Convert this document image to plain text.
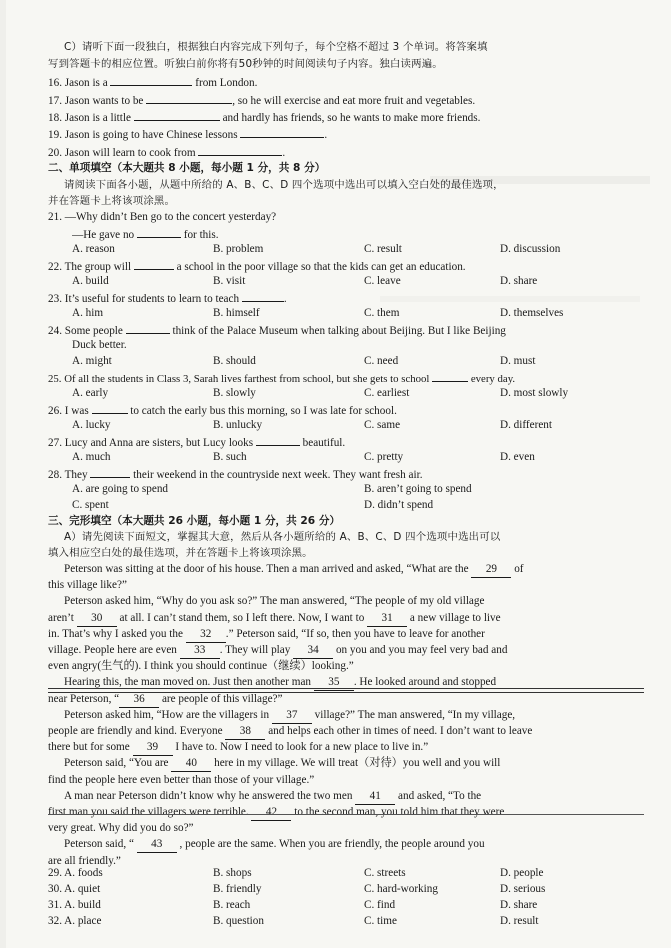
C）请听下面一段独白，根据独白内容完成下列句子，每个空格不超过 3 个单词。将答案填
写到答题卡的相应位置。听独白前你将有50秒钟的时间阅读句子内容。独白读两遍。
16. Jason is a	from London.
17. Jason wants to be	, so he will exercise and eat more fruit and vegetables.
18. Jason is a little	and hardly has friends, so he wants to make more friends.
19. Jason is going to have Chinese lessons	.
20. Jason will learn to cook from	.
二、单项填空（本大题共 8 小题，每小题 1 分，共 8 分）
请阅读下面各小题，从题中所给的 A、B、C、D 四个选项中选出可以填入空白处的最佳选项，
并在答题卡上将该项涂黑。
21. —Why didn’t Ben go to the concert yesterday?
—He gave no	for this.
A. reason	B. problem	C. result	D. discussion
22. The group will	a school in the poor village so that the kids can get an education.
A. build	B. visit	C. leave	D. share
23. It’s useful for students to learn to teach	.
A. him	B. himself	C. them	D. themselves
24. Some people	think of the Palace Museum when talking about Beijing. But I like Beijing
Duck better.
A. might	B. should	C. need	D. must
25. Of all the students in Class 3, Sarah lives farthest from school, but she gets to school	every day.
A. early	B. slowly	C. earliest	D. most slowly
26. I was	to catch the early bus this morning, so I was late for school.
A. lucky	B. unlucky	C. same	D. different
27. Lucy and Anna are sisters, but Lucy looks	beautiful.
A. much	B. such	C. pretty	D. even
28. They	their weekend in the countryside next week. They want fresh air.
A. are going to spend	B. aren’t going to spend
C. spent	D. didn’t spend
三、完形填空（本大题共 26 小题，每小题 1 分，共 26 分）
A）请先阅读下面短文，掌握其大意，然后从各小题所给的 A、B、C、D 四个选项中选出可以
填入相应空白处的最佳选项，并在答题卡上将该项涂黑。
Peterson was sitting at the door of his house. Then a man arrived and asked, “What are the 29 of
this village like?”
Peterson asked him, “Why do you ask so?” The man answered, “The people of my old village
aren’t 30 at all. I can’t stand them, so I left there. Now, I want to 31 a new village to live
in. That’s why I asked you the 32 .” Peterson said, “If so, then you have to leave for another
village. People here are even 33 . They will play 34 on you and you may feel very bad and
even angry(生气的). I think you should continue（继续）looking.”
Hearing this, the man moved on. Just then another man 35 . He looked around and stopped
near Peterson, “ 36 are people of this village?”
Peterson asked him, “How are the villagers in 37 village?” The man answered, “In my village,
people are friendly and kind. Everyone 38 and helps each other in times of need. I don’t want to leave
there but for some 39 I have to. Now I need to look for a new place to live in.”
Peterson said, “You are 40 here in my village. We will treat（对待）you well and you will
find the people here even better than those of your village.”
A man near Peterson didn’t know why he answered the two men 41 and asked, “To the
first man you said the villagers were terrible. 42 to the second man, you told him that they were
very great. Why did you do so?”
Peterson said, “ 43 , people are the same. When you are friendly, the people around you
are all friendly.”
29. A. foods	B. shops	C. streets	D. people
30. A. quiet	B. friendly	C. hard-working	D. serious
31. A. build	B. reach	C. find	D. share
32. A. place	B. question	C. time	D. result
